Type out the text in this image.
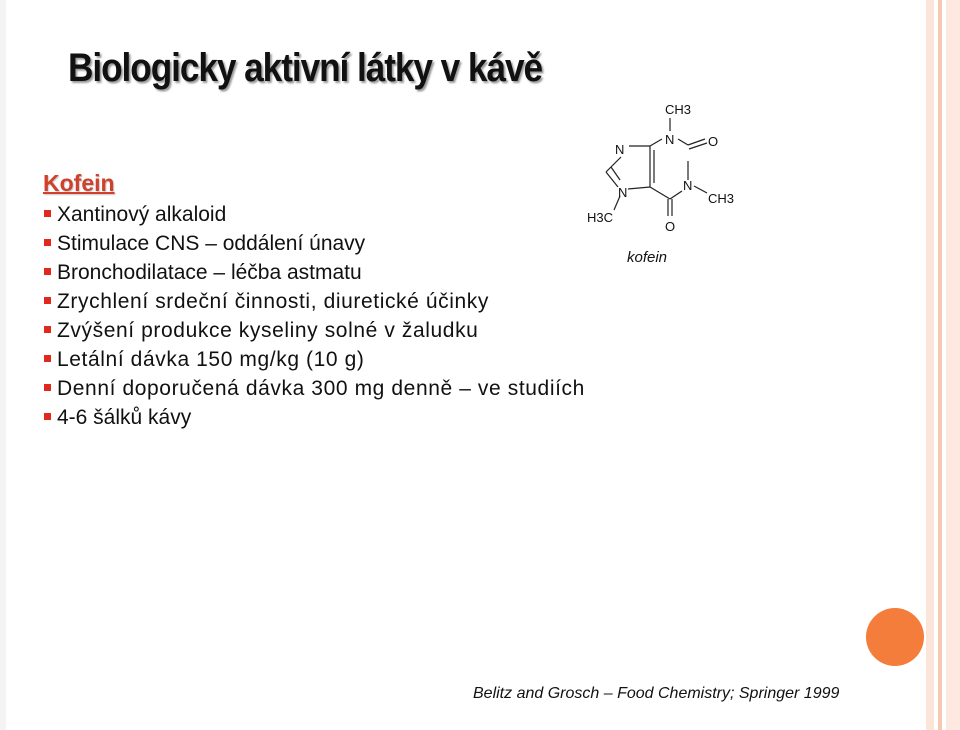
Biologicky aktivní látky v kávě
Kofein
Xantinový alkaloid
Stimulace CNS – oddálení únavy
Bronchodilatace – léčba astmatu
Zrychlení srdeční činnosti, diuretické účinky
Zvýšení produkce kyseliny solné v žaludku
Letální dávka 150 mg/kg (10 g)
Denní doporučená dávka 300 mg denně – ve studiích
4-6 šálků kávy
CH3
N
N
O
N
N	CH3
H3C
O
kofein
Belitz and Grosch – Food Chemistry; Springer 1999
